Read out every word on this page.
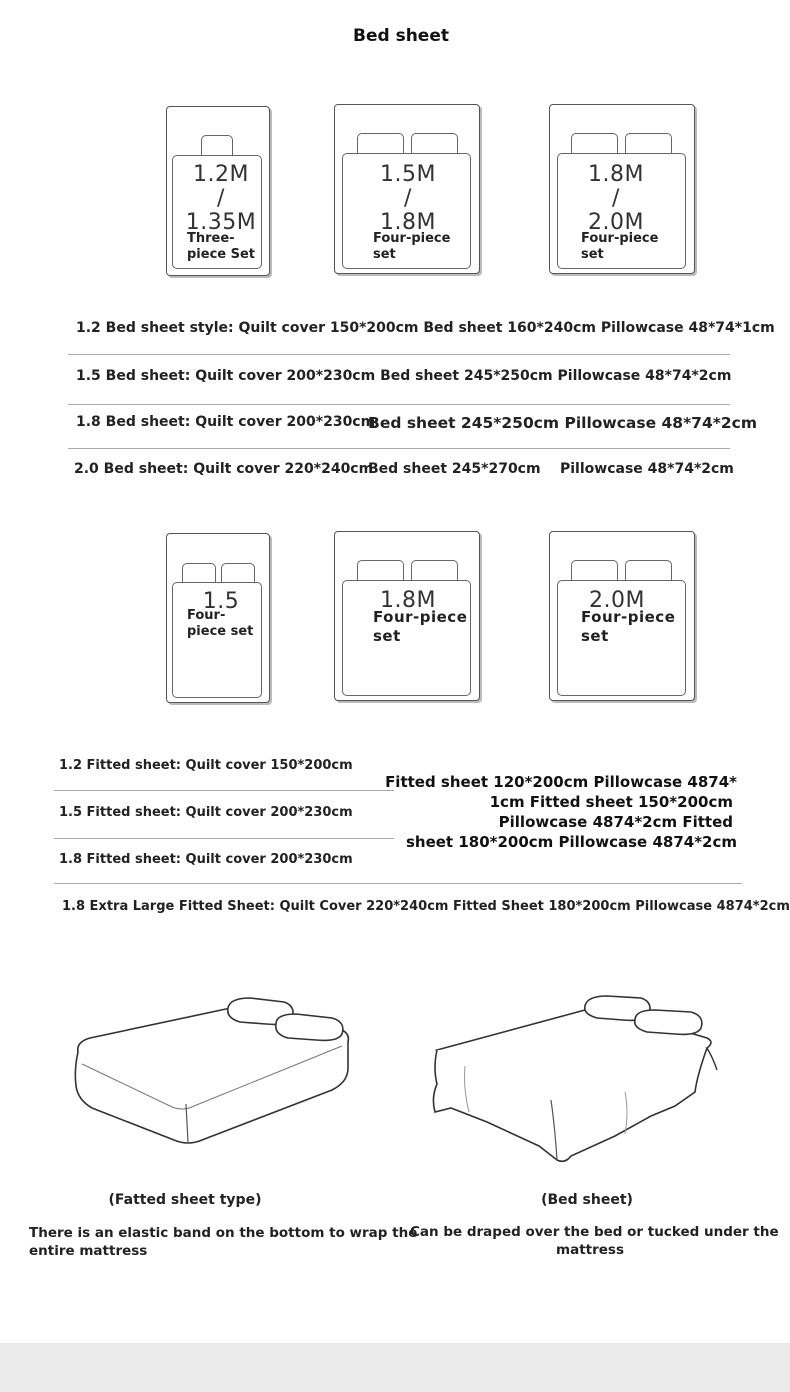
Bed sheet
1.2M
/
1.35M
Three-
piece Set
1.5M
/
1.8M
Four-piece
set
1.8M
/
2.0M
Four-piece
set
1.2 Bed sheet style: Quilt cover 150*200cm Bed sheet 160*240cm Pillowcase 48*74*1cm
1.5 Bed sheet: Quilt cover 200*230cm Bed sheet 245*250cm Pillowcase 48*74*2cm
1.8 Bed sheet: Quilt cover 200*230cm
Bed sheet 245*250cm Pillowcase 48*74*2cm
2.0 Bed sheet: Quilt cover 220*240cm
Bed sheet 245*270cm Pillowcase 48*74*2cm
1.5
Four-
piece set
1.8M
Four-piece
set
2.0M
Four-piece
set
1.2 Fitted sheet: Quilt cover 150*200cm
1.5 Fitted sheet: Quilt cover 200*230cm
1.8 Fitted sheet: Quilt cover 200*230cm
Fitted sheet 120*200cm Pillowcase 4874*
1cm Fitted sheet 150*200cm
Pillowcase 4874*2cm Fitted
sheet 180*200cm Pillowcase 4874*2cm
1.8 Extra Large Fitted Sheet: Quilt Cover 220*240cm Fitted Sheet 180*200cm Pillowcase 4874*2cm
(Fatted sheet type)
There is an elastic band on the bottom to wrap the
entire mattress
(Bed sheet)
Can be draped over the bed or tucked under the
mattress
